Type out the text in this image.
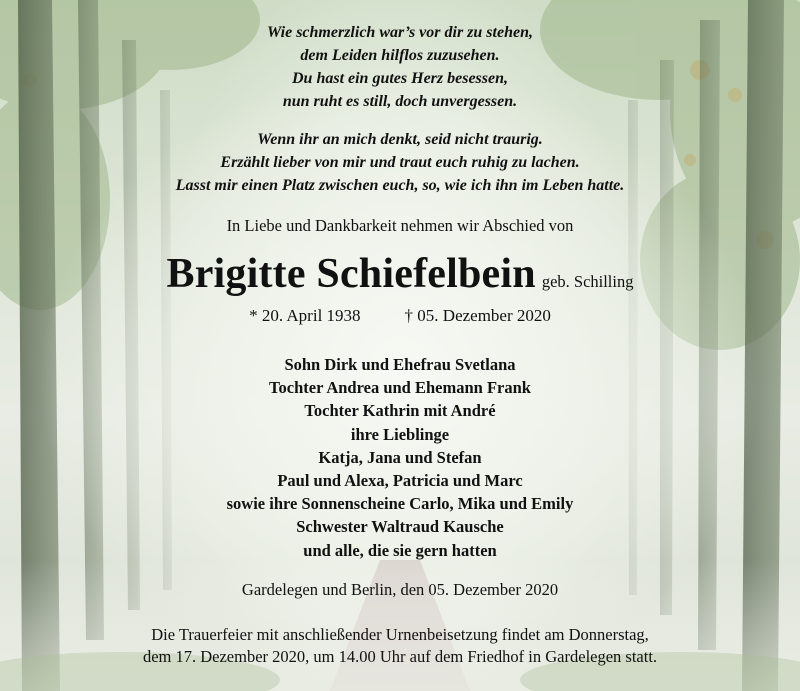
Wie schmerzlich war’s vor dir zu stehen,
dem Leiden hilflos zuzusehen.
Du hast ein gutes Herz besessen,
nun ruht es still, doch unvergessen.
Wenn ihr an mich denkt, seid nicht traurig.
Erzählt lieber von mir und traut euch ruhig zu lachen.
Lasst mir einen Platz zwischen euch, so, wie ich ihn im Leben hatte.
In Liebe und Dankbarkeit nehmen wir Abschied von
Brigitte Schiefelbein geb. Schilling
* 20. April 1938	† 05. Dezember 2020
Sohn Dirk und Ehefrau Svetlana
Tochter Andrea und Ehemann Frank
Tochter Kathrin mit André
ihre Lieblinge
Katja, Jana und Stefan
Paul und Alexa, Patricia und Marc
sowie ihre Sonnenscheine Carlo, Mika und Emily
Schwester Waltraud Kausche
und alle, die sie gern hatten
Gardelegen und Berlin, den 05. Dezember 2020
Die Trauerfeier mit anschließender Urnenbeisetzung findet am Donnerstag,
dem 17. Dezember 2020, um 14.00 Uhr auf dem Friedhof in Gardelegen statt.
